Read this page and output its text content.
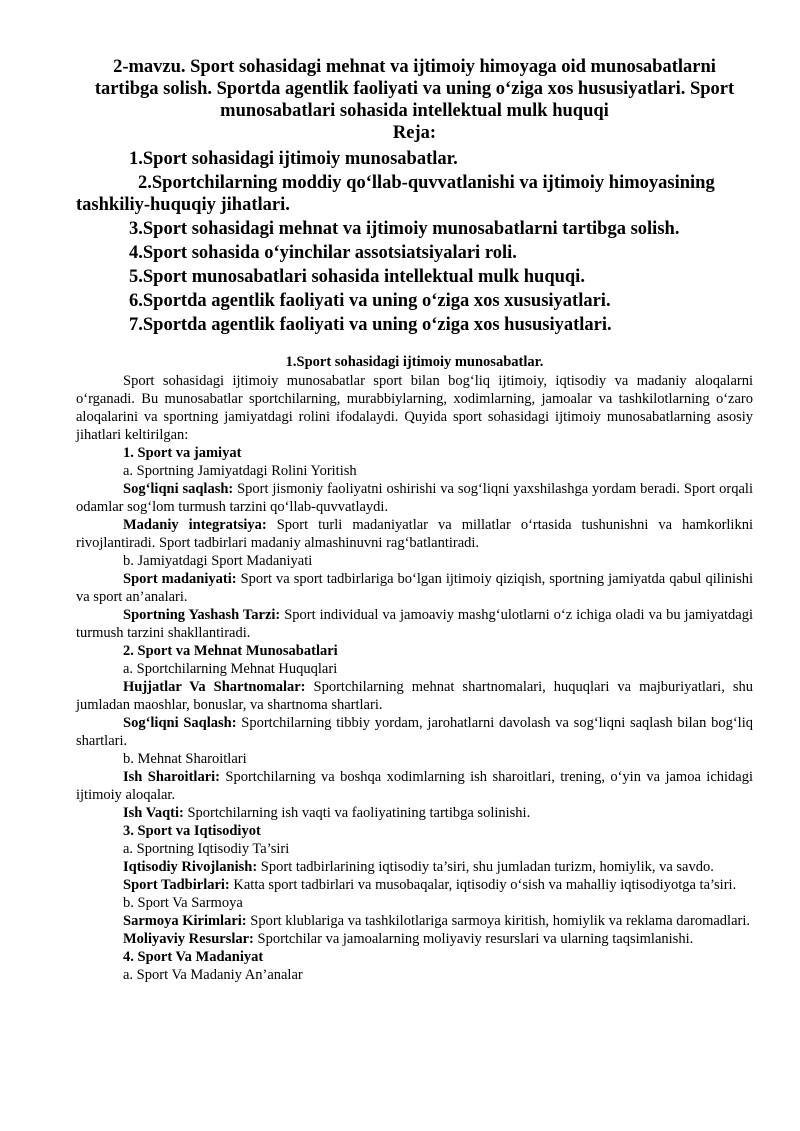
2-mavzu. Sport sohasidagi mehnat va ijtimoiy himoyaga oid munosabatlarni

tartibga solish. Sportda agentlik faoliyati va uning o‘ziga xos hususiyatlari. Sport

munosabatlari sohasida intellektual mulk huquqi

Reja:
1.Sport sohasidagi ijtimoiy munosabatlar.
2.Sportchilarning moddiy qo‘llab-quvvatlanishi va ijtimoiy himoyasining
tashkiliy-huquqiy jihatlari.
3.Sport sohasidagi mehnat va ijtimoiy munosabatlarni tartibga solish.
4.Sport sohasida o‘yinchilar assotsiatsiyalari roli.
5.Sport munosabatlari sohasida intellektual mulk huquqi.
6.Sportda agentlik faoliyati va uning o‘ziga xos xususiyatlari.
7.Sportda agentlik faoliyati va uning o‘ziga xos hususiyatlari.
1.Sport sohasidagi ijtimoiy munosabatlar.

Sport sohasidagi ijtimoiy munosabatlar sport bilan bog‘liq ijtimoiy, iqtisodiy va madaniy aloqalarni o‘rganadi. Bu munosabatlar sportchilarning, murabbiylarning, xodimlarning, jamoalar va tashkilotlarning o‘zaro aloqalarini va sportning jamiyatdagi rolini ifodalaydi. Quyida sport sohasidagi ijtimoiy munosabatlarning asosiy jihatlari keltirilgan:

1. Sport va jamiyat

a. Sportning Jamiyatdagi Rolini Yoritish

Sog‘liqni saqlash: Sport jismoniy faoliyatni oshirishi va sog‘liqni yaxshilashga yordam beradi. Sport orqali odamlar sog‘lom turmush tarzini qo‘llab-quvvatlaydi.

Madaniy integratsiya: Sport turli madaniyatlar va millatlar o‘rtasida tushunishni va hamkorlikni rivojlantiradi. Sport tadbirlari madaniy almashinuvni rag‘batlantiradi.

b. Jamiyatdagi Sport Madaniyati

Sport madaniyati: Sport va sport tadbirlariga bo‘lgan ijtimoiy qiziqish, sportning jamiyatda qabul qilinishi va sport an’analari.

Sportning Yashash Tarzi: Sport individual va jamoaviy mashg‘ulotlarni o‘z ichiga oladi va bu jamiyatdagi turmush tarzini shakllantiradi.

2. Sport va Mehnat Munosabatlari

a. Sportchilarning Mehnat Huquqlari

Hujjatlar Va Shartnomalar: Sportchilarning mehnat shartnomalari, huquqlari va majburiyatlari, shu jumladan maoshlar, bonuslar, va shartnoma shartlari.

Sog‘liqni Saqlash: Sportchilarning tibbiy yordam, jarohatlarni davolash va sog‘liqni saqlash bilan bog‘liq shartlari.

b. Mehnat Sharoitlari

Ish Sharoitlari: Sportchilarning va boshqa xodimlarning ish sharoitlari, trening, o‘yin va jamoa ichidagi ijtimoiy aloqalar.

Ish Vaqti: Sportchilarning ish vaqti va faoliyatining tartibga solinishi.

3. Sport va Iqtisodiyot

a. Sportning Iqtisodiy Ta’siri

Iqtisodiy Rivojlanish: Sport tadbirlarining iqtisodiy ta’siri, shu jumladan turizm, homiylik, va savdo.

Sport Tadbirlari: Katta sport tadbirlari va musobaqalar, iqtisodiy o‘sish va mahalliy iqtisodiyotga ta’siri.

b. Sport Va Sarmoya

Sarmoya Kirimlari: Sport klublariga va tashkilotlariga sarmoya kiritish, homiylik va reklama daromadlari.

Moliyaviy Resurslar: Sportchilar va jamoalarning moliyaviy resurslari va ularning taqsimlanishi.

4. Sport Va Madaniyat

a. Sport Va Madaniy An’analar
